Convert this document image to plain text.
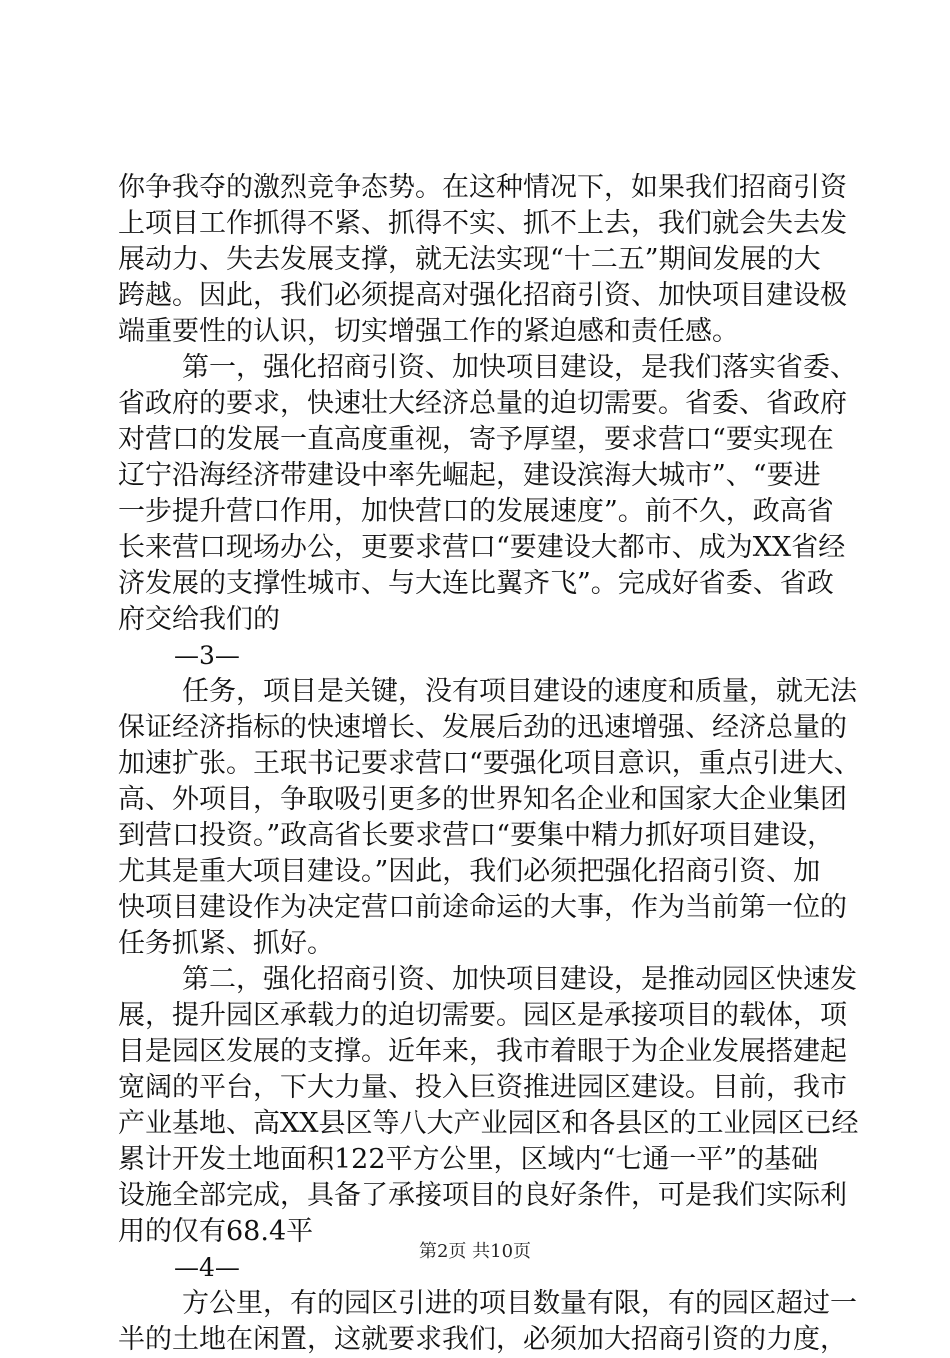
你争我夺的激烈竞争态势。在这种情况下，如果我们招商引资
上项目工作抓得不紧、抓得不实、抓不上去，我们就会失去发
展动力、失去发展支撑，就无法实现“十二五”期间发展的大
跨越。因此，我们必须提高对强化招商引资、加快项目建设极
端重要性的认识，切实增强工作的紧迫感和责任感。
第一，强化招商引资、加快项目建设，是我们落实省委、
省政府的要求，快速壮大经济总量的迫切需要。省委、省政府
对营口的发展一直高度重视，寄予厚望，要求营口“要实现在
辽宁沿海经济带建设中率先崛起，建设滨海大城市”、“要进
一步提升营口作用，加快营口的发展速度”。前不久，政高省
长来营口现场办公，更要求营口“要建设大都市、成为XX省经
济发展的支撑性城市、与大连比翼齐飞”。完成好省委、省政
府交给我们的
—3—
任务，项目是关键，没有项目建设的速度和质量，就无法
保证经济指标的快速增长、发展后劲的迅速增强、经济总量的
加速扩张。王珉书记要求营口“要强化项目意识，重点引进大、
高、外项目，争取吸引更多的世界知名企业和国家大企业集团
到营口投资。”政高省长要求营口“要集中精力抓好项目建设，
尤其是重大项目建设。”因此，我们必须把强化招商引资、加
快项目建设作为决定营口前途命运的大事，作为当前第一位的
任务抓紧、抓好。
第二，强化招商引资、加快项目建设，是推动园区快速发
展，提升园区承载力的迫切需要。园区是承接项目的载体，项
目是园区发展的支撑。近年来，我市着眼于为企业发展搭建起
宽阔的平台，下大力量、投入巨资推进园区建设。目前，我市
产业基地、高XX县区等八大产业园区和各县区的工业园区已经
累计开发土地面积122平方公里，区域内“七通一平”的基础
设施全部完成，具备了承接项目的良好条件，可是我们实际利
用的仅有68.4平
—4—
方公里，有的园区引进的项目数量有限，有的园区超过一
半的土地在闲置，这就要求我们，必须加大招商引资的力度，
第2页 共10页
